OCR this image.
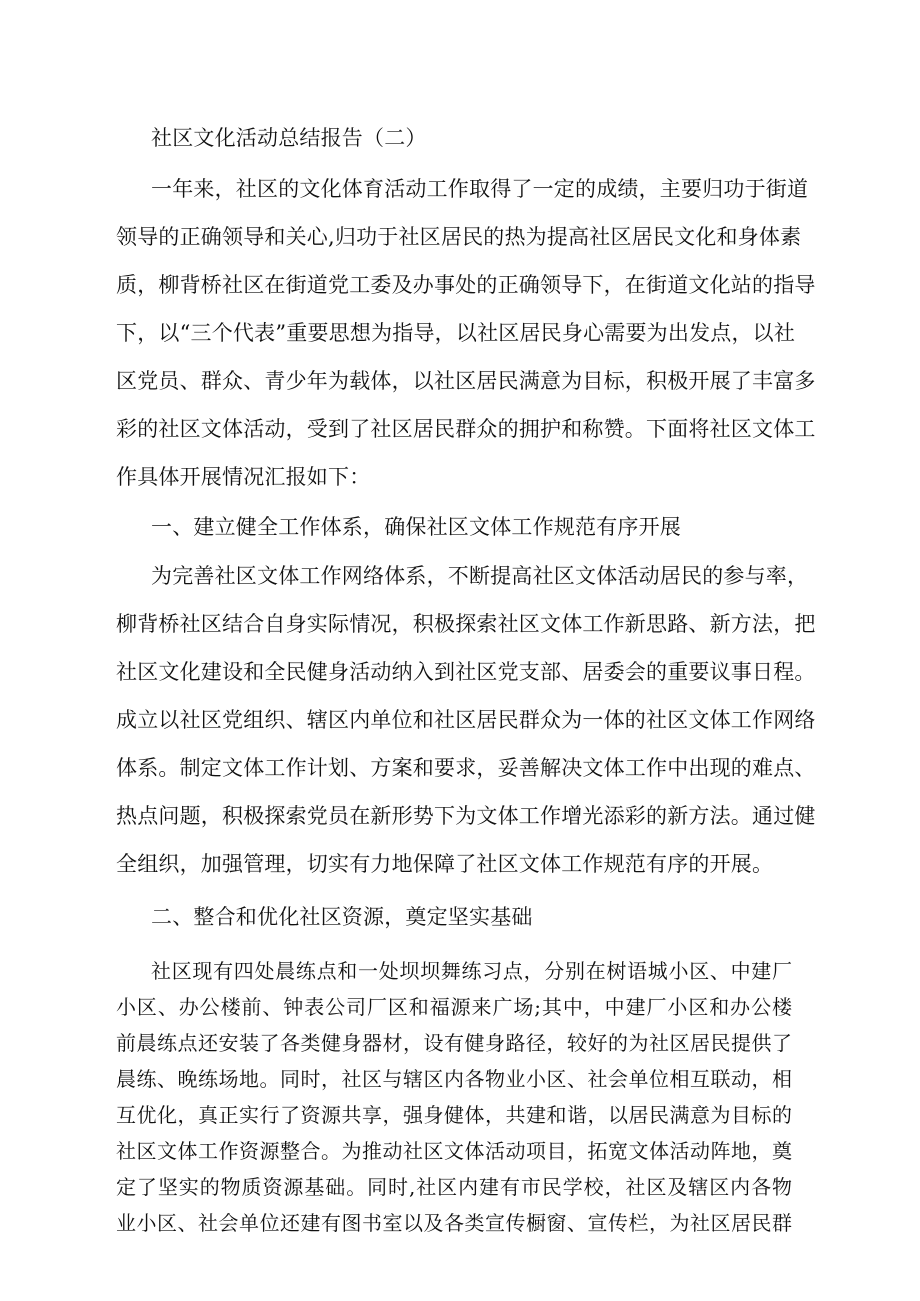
社区文化活动总结报告（二）

一年来，社区的文化体育活动工作取得了一定的成绩，主要归功于街道

领导的正确领导和关心,归功于社区居民的热为提高社区居民文化和身体素

质，柳背桥社区在街道党工委及办事处的正确领导下，在街道文化站的指导

下，以“三个代表”重要思想为指导，以社区居民身心需要为出发点，以社

区党员、群众、青少年为载体，以社区居民满意为目标，积极开展了丰富多

彩的社区文体活动，受到了社区居民群众的拥护和称赞。下面将社区文体工

作具体开展情况汇报如下：

一、建立健全工作体系，确保社区文体工作规范有序开展

为完善社区文体工作网络体系，不断提高社区文体活动居民的参与率，

柳背桥社区结合自身实际情况，积极探索社区文体工作新思路、新方法，把

社区文化建设和全民健身活动纳入到社区党支部、居委会的重要议事日程。

成立以社区党组织、辖区内单位和社区居民群众为一体的社区文体工作网络

体系。制定文体工作计划、方案和要求，妥善解决文体工作中出现的难点、

热点问题，积极探索党员在新形势下为文体工作增光添彩的新方法。通过健

全组织，加强管理，切实有力地保障了社区文体工作规范有序的开展。

二、整合和优化社区资源，奠定坚实基础

社区现有四处晨练点和一处坝坝舞练习点，分别在树语城小区、中建厂

小区、办公楼前、钟表公司厂区和福源来广场;其中，中建厂小区和办公楼

前晨练点还安装了各类健身器材，设有健身路径，较好的为社区居民提供了

晨练、晚练场地。同时，社区与辖区内各物业小区、社会单位相互联动，相

互优化，真正实行了资源共享，强身健体，共建和谐，以居民满意为目标的

社区文体工作资源整合。为推动社区文体活动项目，拓宽文体活动阵地，奠

定了坚实的物质资源基础。同时,社区内建有市民学校，社区及辖区内各物

业小区、社会单位还建有图书室以及各类宣传橱窗、宣传栏，为社区居民群
